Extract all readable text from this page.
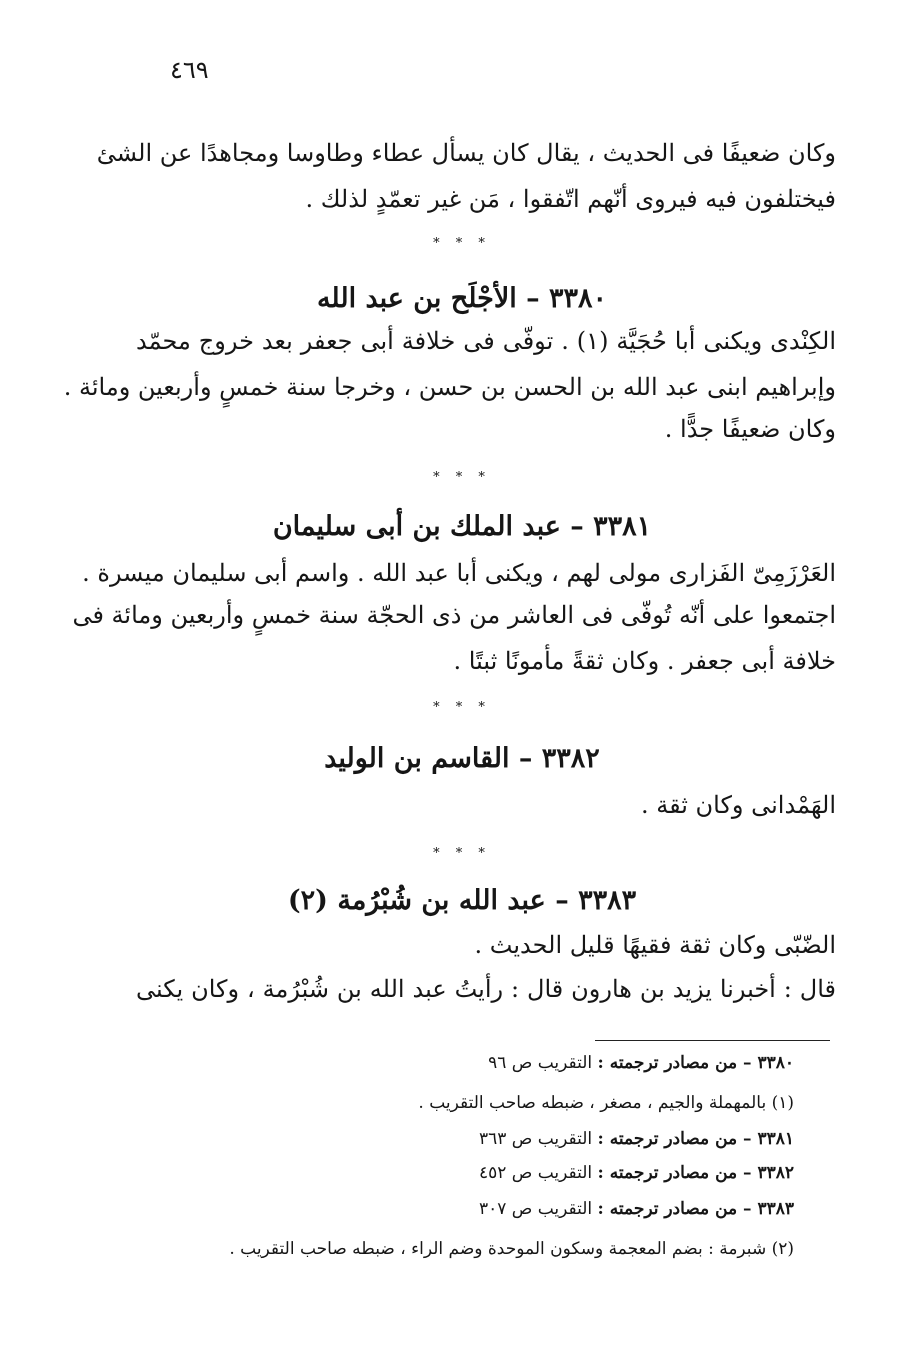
٤٦٩
وكان ضعيفًا فى الحديث ، يقال كان يسأل عطاء وطاوسا ومجاهدًا عن الشئ
فيختلفون فيه فيروى أنّهم اتّفقوا ، مَن غير تعمّدٍ لذلك .
* * *
٣٣٨٠ – الأجْلَح بن عبد الله
الكِنْدى ويكنى أبا حُجَيَّة (١) . توفّى فى خلافة أبى جعفر بعد خروج محمّد
وإبراهيم ابنى عبد الله بن الحسن بن حسن ، وخرجا سنة خمسٍ وأربعين ومائة .
وكان ضعيفًا جدًّا .
* * *
٣٣٨١ – عبد الملك بن أبى سليمان
العَرْزَمِىّ الفَزارى مولى لهم ، ويكنى أبا عبد الله . واسم أبى سليمان ميسرة .
اجتمعوا على أنّه تُوفّى فى العاشر من ذى الحجّة سنة خمسٍ وأربعين ومائة فى
خلافة أبى جعفر . وكان ثقةً مأمونًا ثبتًا .
* * *
٣٣٨٢ – القاسم بن الوليد
الهَمْدانى وكان ثقة .
* * *
٣٣٨٣ – عبد الله بن شُبْرُمة (٢)
الضّبّى وكان ثقة فقيهًا قليل الحديث .
قال : أخبرنا يزيد بن هارون قال : رأيتُ عبد الله بن شُبْرُمة ، وكان يكنى
٣٣٨٠ – من مصادر ترجمته : التقريب ص ٩٦
(١) بالمهملة والجيم ، مصغر ، ضبطه صاحب التقريب .
٣٣٨١ – من مصادر ترجمته : التقريب ص ٣٦٣
٣٣٨٢ – من مصادر ترجمته : التقريب ص ٤٥٢
٣٣٨٣ – من مصادر ترجمته : التقريب ص ٣٠٧
(٢) شبرمة : بضم المعجمة وسكون الموحدة وضم الراء ، ضبطه صاحب التقريب .
